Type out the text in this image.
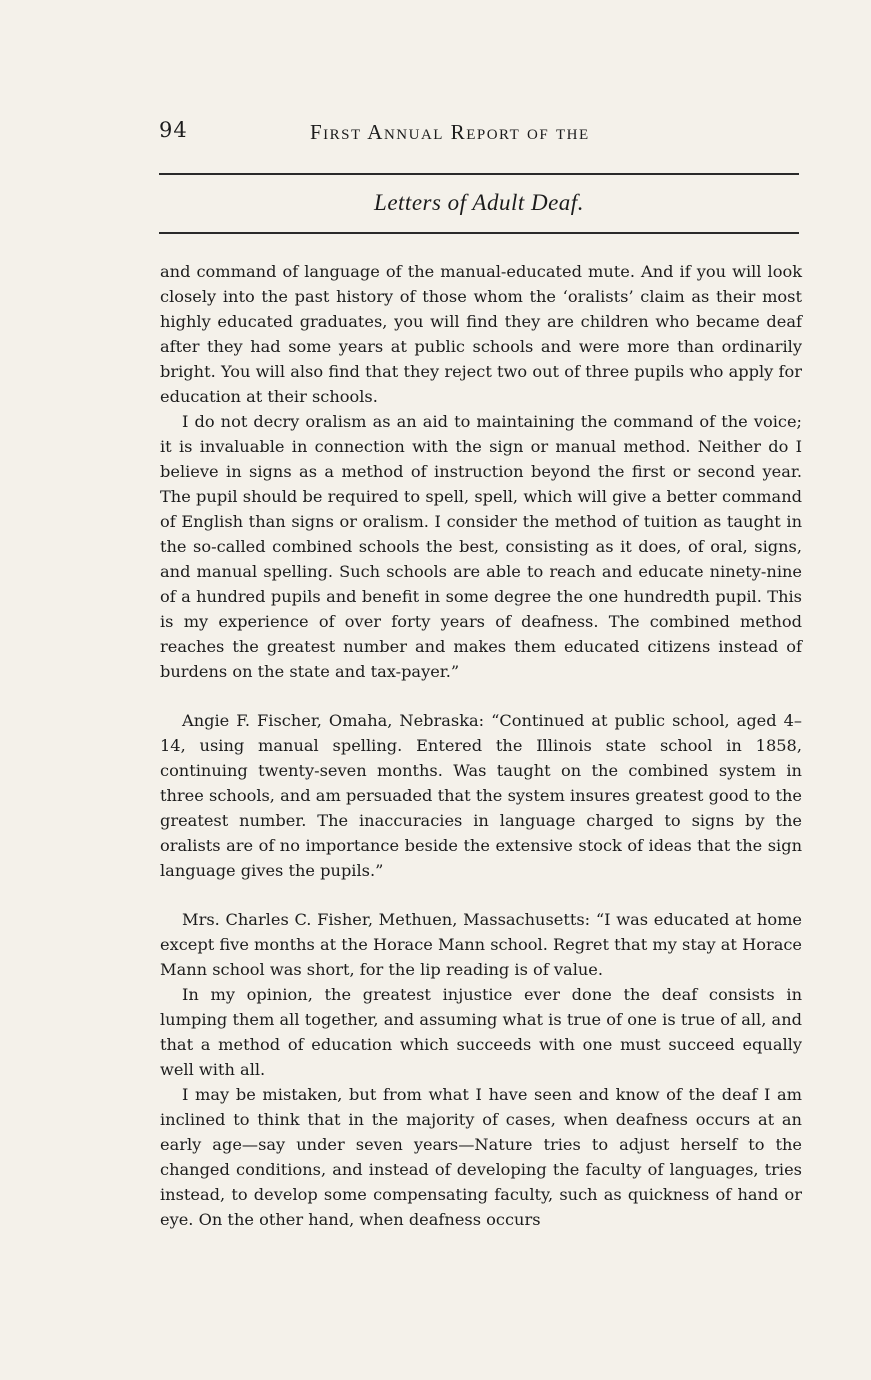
94	First Annual Report of the
Letters of Adult Deaf.

and command of language of the manual-educated mute. And if you will look closely into the past history of those whom the ‘oralists’ claim as their most highly educated graduates, you will find they are children who became deaf after they had some years at public schools and were more than ordinarily bright. You will also find that they reject two out of three pupils who apply for education at their schools.

I do not decry oralism as an aid to maintaining the command of the voice; it is invaluable in connection with the sign or manual method. Neither do I believe in signs as a method of instruction beyond the first or second year. The pupil should be required to spell, spell, which will give a better command of English than signs or oralism. I consider the method of tuition as taught in the so-called combined schools the best, consisting as it does, of oral, signs, and manual spelling. Such schools are able to reach and educate ninety-nine of a hundred pupils and benefit in some degree the one hundredth pupil. This is my experience of over forty years of deafness. The combined method reaches the greatest number and makes them educated citizens instead of burdens on the state and tax-payer.”

Angie F. Fischer, Omaha, Nebraska: “Continued at public school, aged 4–14, using manual spelling. Entered the Illinois state school in 1858, continuing twenty-seven months. Was taught on the combined system in three schools, and am persuaded that the system insures greatest good to the greatest number. The inaccuracies in language charged to signs by the oralists are of no importance beside the extensive stock of ideas that the sign language gives the pupils.”

Mrs. Charles C. Fisher, Methuen, Massachusetts: “I was educated at home except five months at the Horace Mann school. Regret that my stay at Horace Mann school was short, for the lip reading is of value.

In my opinion, the greatest injustice ever done the deaf consists in lumping them all together, and assuming what is true of one is true of all, and that a method of education which succeeds with one must succeed equally well with all.

I may be mistaken, but from what I have seen and know of the deaf I am inclined to think that in the majority of cases, when deafness occurs at an early age—say under seven years—Nature tries to adjust herself to the changed conditions, and instead of developing the faculty of languages, tries instead, to develop some compensating faculty, such as quickness of hand or eye. On the other hand, when deafness occurs
